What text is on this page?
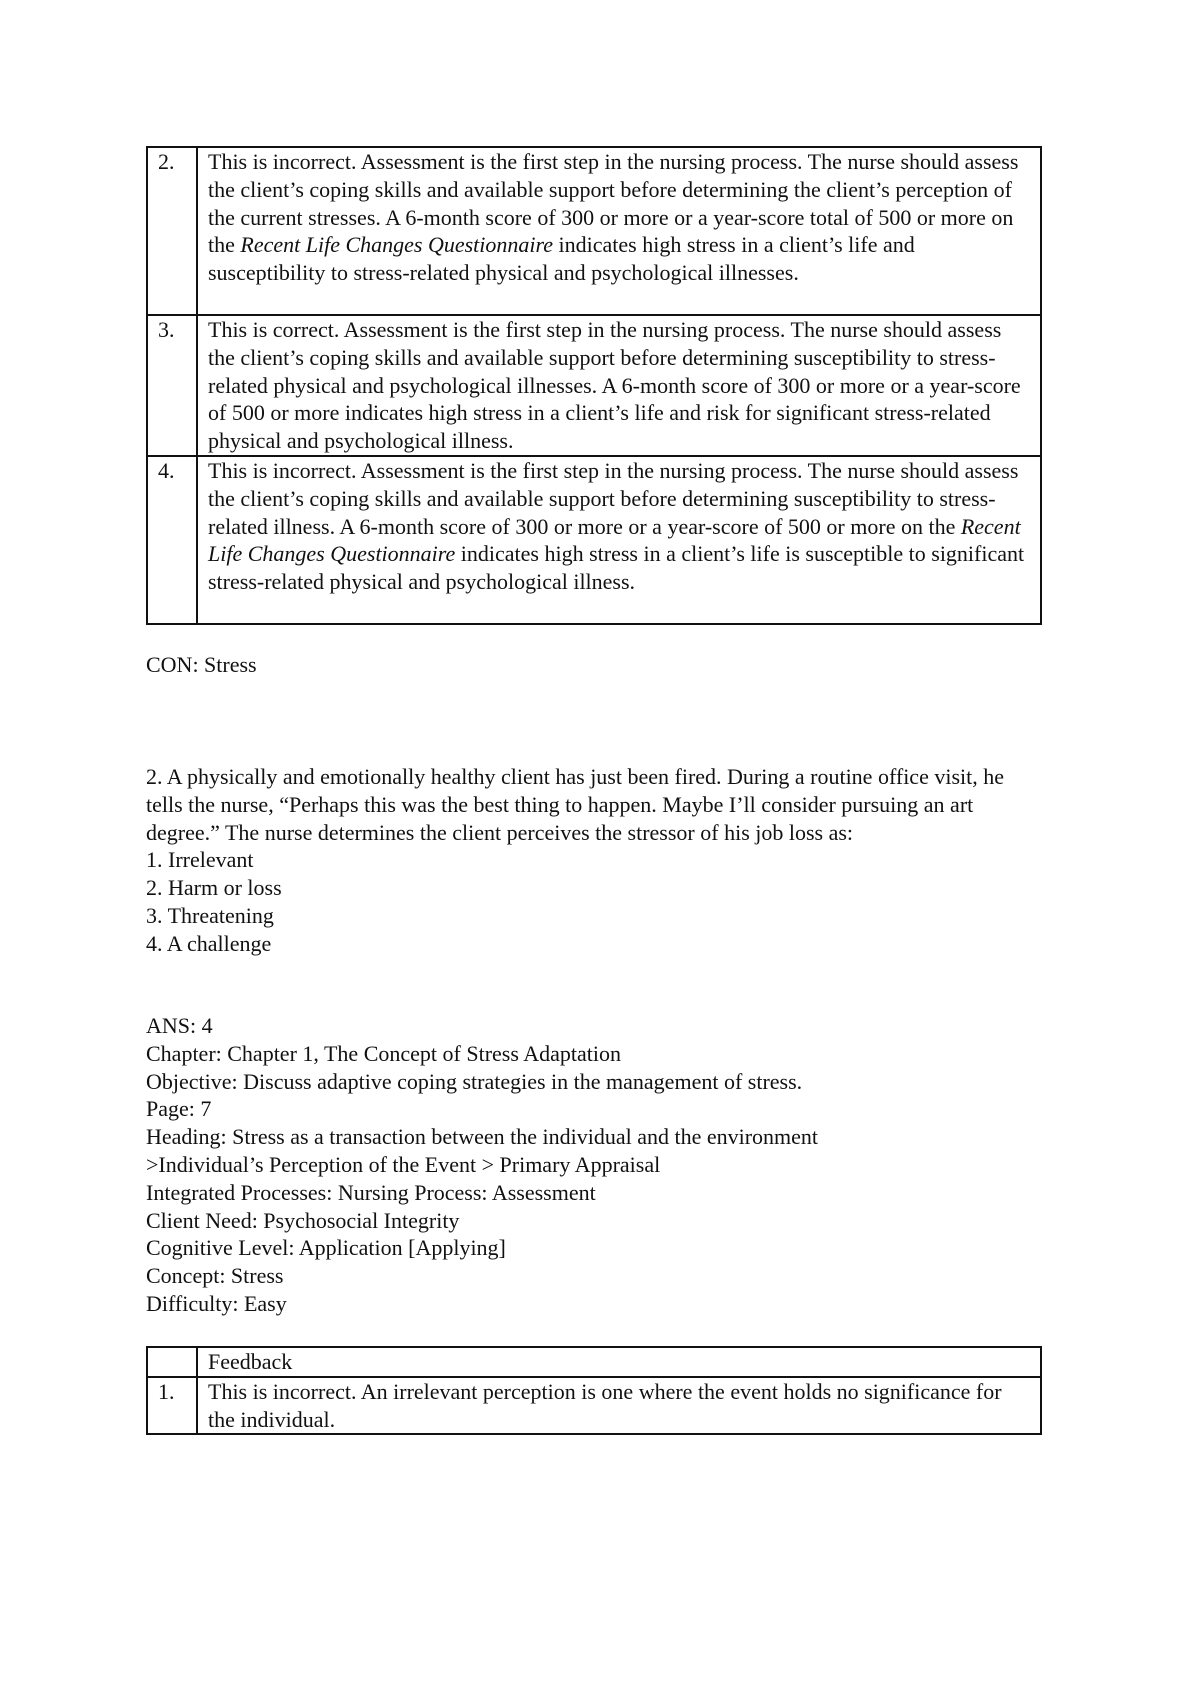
2.	This is incorrect. Assessment is the first step in the nursing process. The nurse should assess the client’s coping skills and available support before determining the client’s perception of the current stresses. A 6-month score of 300 or more or a year-score total of 500 or more on the Recent Life Changes Questionnaire indicates high stress in a client’s life and susceptibility to stress-related physical and psychological illnesses.
3.	This is correct. Assessment is the first step in the nursing process. The nurse should assess the client’s coping skills and available support before determining susceptibility to stress-related physical and psychological illnesses. A 6-month score of 300 or more or a year-score of 500 or more indicates high stress in a client’s life and risk for significant stress-related physical and psychological illness.
4.	This is incorrect. Assessment is the first step in the nursing process. The nurse should assess the client’s coping skills and available support before determining susceptibility to stress-related illness. A 6-month score of 300 or more or a year-score of 500 or more on the Recent Life Changes Questionnaire indicates high stress in a client’s life is susceptible to significant stress-related physical and psychological illness.

CON: Stress

2. A physically and emotionally healthy client has just been fired. During a routine office visit, he tells the nurse, “Perhaps this was the best thing to happen. Maybe I’ll consider pursuing an art degree.” The nurse determines the client perceives the stressor of his job loss as:

1. Irrelevant

2. Harm or loss

3. Threatening

4. A challenge

ANS: 4

Chapter: Chapter 1, The Concept of Stress Adaptation

Objective: Discuss adaptive coping strategies in the management of stress.

Page: 7

Heading: Stress as a transaction between the individual and the environment

>Individual’s Perception of the Event > Primary Appraisal

Integrated Processes: Nursing Process: Assessment

Client Need: Psychosocial Integrity

Cognitive Level: Application [Applying]

Concept: Stress

Difficulty: Easy

	Feedback
1.	This is incorrect. An irrelevant perception is one where the event holds no significance for the individual.
